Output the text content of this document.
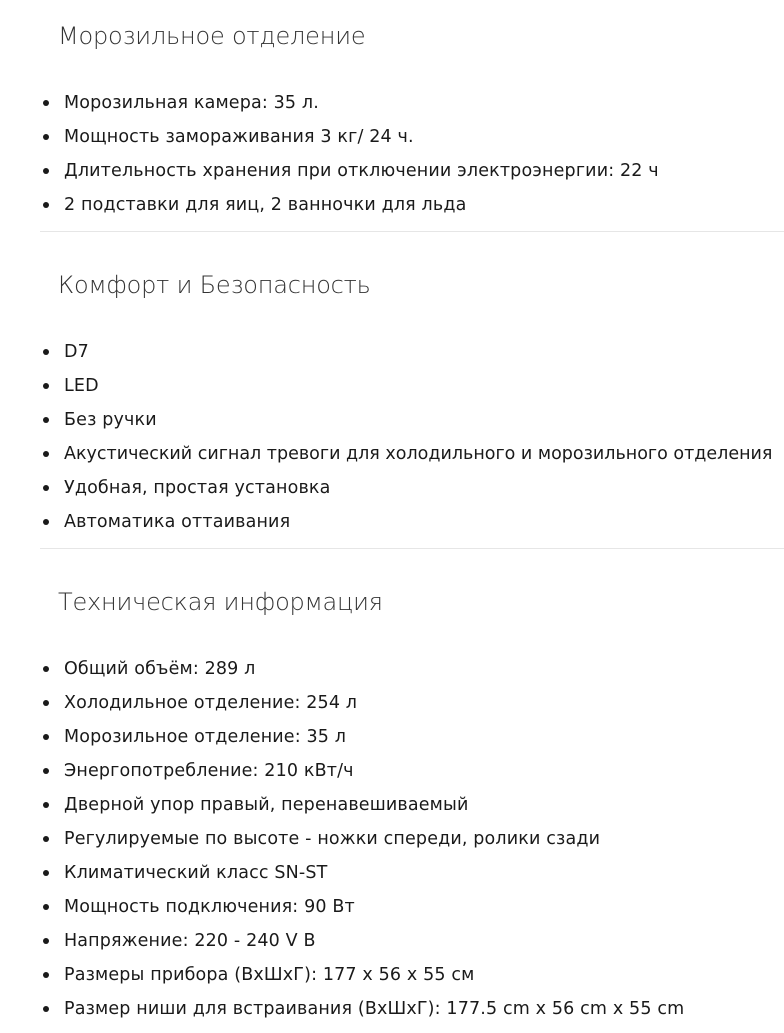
Морозильное отделение
Морозильная камера: 35 л.
Мощность замораживания 3 кг/ 24 ч.
Длительность хранения при отключении электроэнергии: 22 ч
2 подставки для яиц, 2 ванночки для льда
Комфорт и Безопасность
D7
LED
Без ручки
Акустический сигнал тревоги для холодильного и морозильного отделения
Удобная, простая установка
Автоматика оттаивания
Техническая информация
Общий объём: 289 л
Холодильное отделение: 254 л
Морозильное отделение: 35 л
Энергопотребление: 210 кВт/ч
Дверной упор правый, перенавешиваемый
Регулируемые по высоте - ножки спереди, ролики сзади
Климатический класс SN-ST
Мощность подключения: 90 Вт
Напряжение: 220 - 240 V В
Размеры прибора (ВхШхГ): 177 х 56 х 55 см
Размер ниши для встраивания (ВхШхГ): 177.5 cm x 56 cm x 55 cm
